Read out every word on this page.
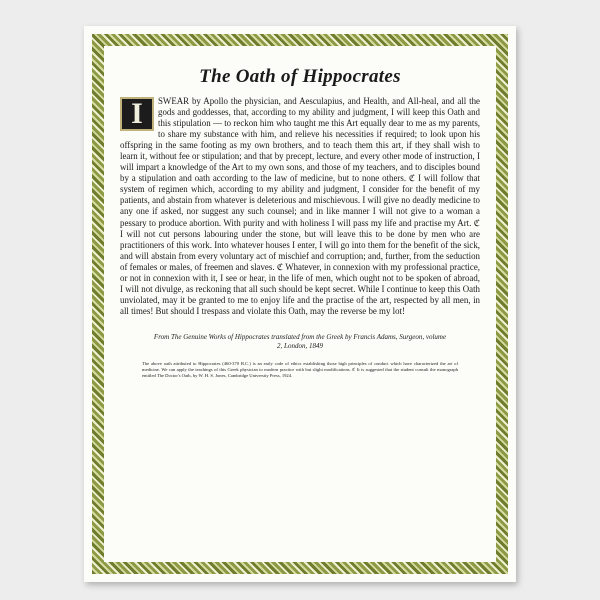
The Oath of Hippocrates
I	SWEAR by Apollo the physician, and Aesculapius, and Health, and All-heal, and all the gods and goddesses, that, according to my ability and judgment, I will keep this Oath and this stipulation — to reckon him who taught me this Art equally dear to me as my parents, to share my substance with him, and relieve his necessities if required; to look upon his offspring in the same footing as my own brothers, and to teach them this art, if they shall wish to learn it, without fee or stipulation; and that by precept, lecture, and every other mode of instruction, I will impart a knowledge of the Art to my own sons, and those of my teachers, and to disciples bound by a stipulation and oath according to the law of medicine, but to none others. ℭ I will follow that system of regimen which, according to my ability and judgment, I consider for the benefit of my patients, and abstain from whatever is deleterious and mischievous. I will give no deadly medicine to any one if asked, nor suggest any such counsel; and in like manner I will not give to a woman a pessary to produce abortion. With purity and with holiness I will pass my life and practise my Art. ℭ I will not cut persons labouring under the stone, but will leave this to be done by men who are practitioners of this work. Into whatever houses I enter, I will go into them for the benefit of the sick, and will abstain from every voluntary act of mischief and corruption; and, further, from the seduction of females or males, of freemen and slaves. ℭ Whatever, in connexion with my professional practice, or not in connexion with it, I see or hear, in the life of men, which ought not to be spoken of abroad, I will not divulge, as reckoning that all such should be kept secret. While I continue to keep this Oath unviolated, may it be granted to me to enjoy life and the practise of the art, respected by all men, in all times! But should I trespass and violate this Oath, may the reverse be my lot!
From The Genuine Works of Hippocrates translated from the Greek by Francis Adams, Surgeon, volume 2, London, 1849
The above oath attributed to Hippocrates (460-370 B.C.) is an early code of ethics establishing those high principles of conduct which have characterized the art of medicine. We can apply the teachings of this Greek physician to modern practice with but slight modifications. ℭ It is suggested that the student consult the monograph entitled The Doctor's Oath, by W. H. S. Jones, Cambridge University Press, 1924.
